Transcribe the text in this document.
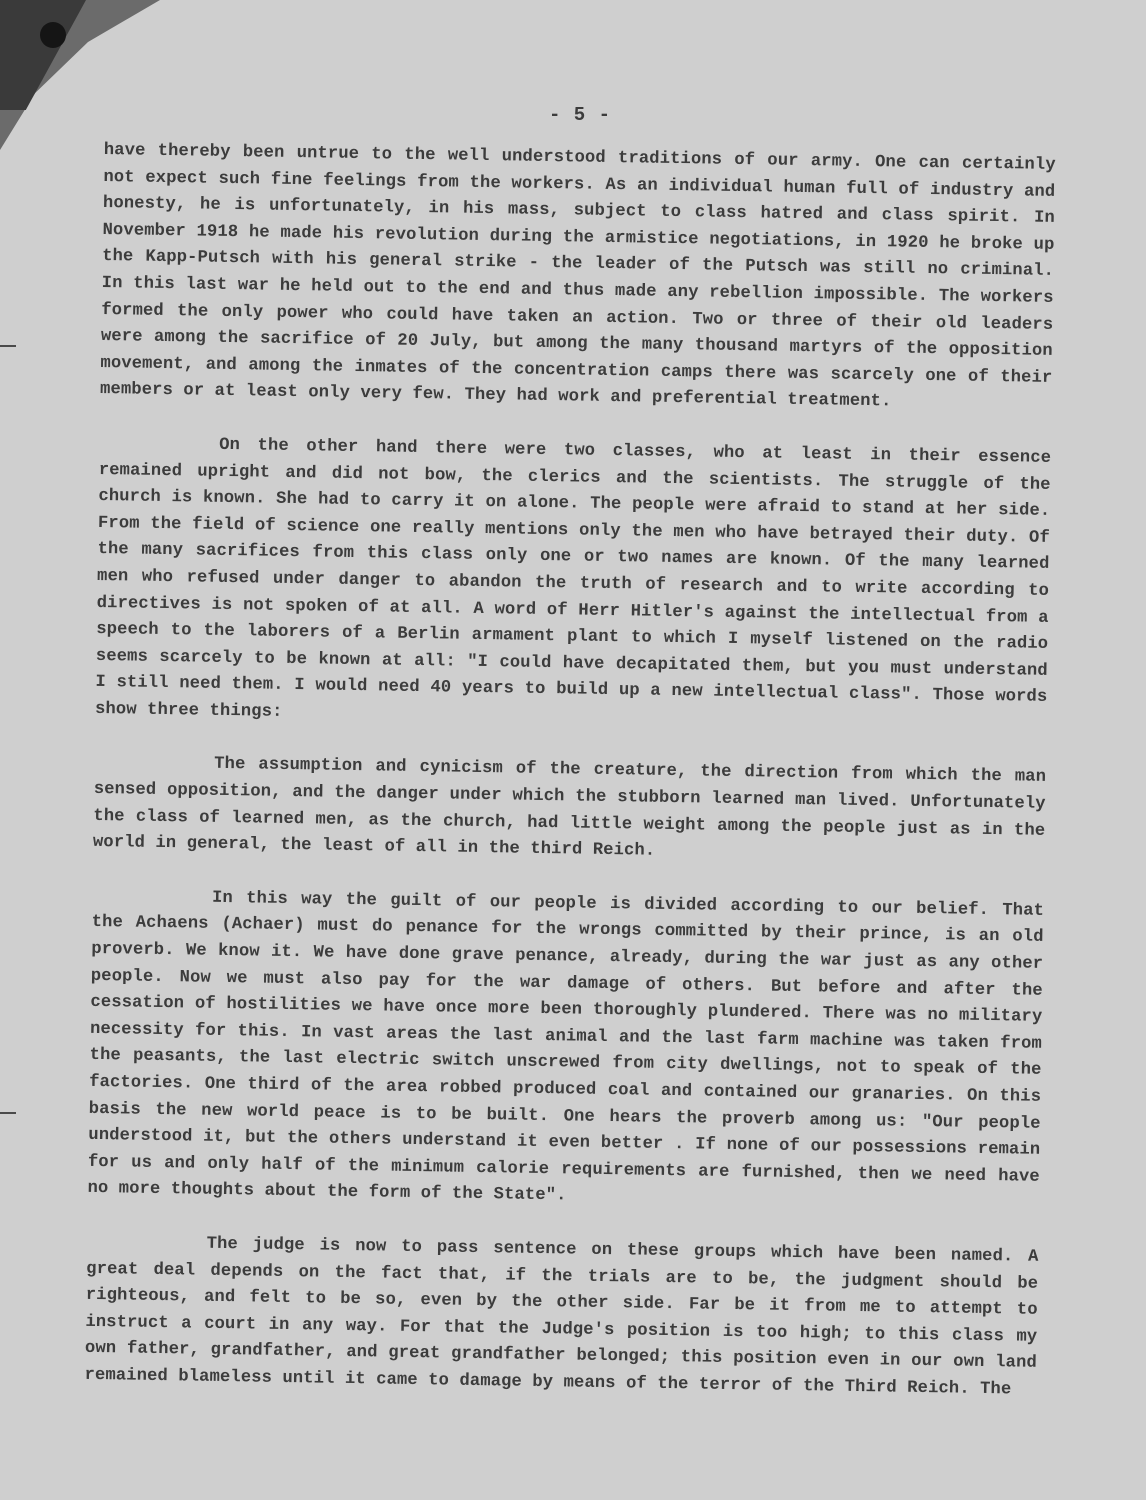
- 5 -

have thereby been untrue to the well understood traditions of our army. One can certainly not expect such fine feelings from the workers. As an individual human full of industry and honesty, he is unfortunately, in his mass, subject to class hatred and class spirit. In November 1918 he made his revolution during the armistice negotiations, in 1920 he broke up the Kapp-Putsch with his general strike - the leader of the Putsch was still no criminal. In this last war he held out to the end and thus made any rebellion impossible. The workers formed the only power who could have taken an action. Two or three of their old leaders were among the sacrifice of 20 July, but among the many thousand martyrs of the opposition movement, and among the inmates of the concentration camps there was scarcely one of their members or at least only very few. They had work and preferential treatment.

On the other hand there were two classes, who at least in their essence remained upright and did not bow, the clerics and the scientists. The struggle of the church is known. She had to carry it on alone. The people were afraid to stand at her side. From the field of science one really mentions only the men who have betrayed their duty. Of the many sacrifices from this class only one or two names are known. Of the many learned men who refused under danger to abandon the truth of research and to write according to directives is not spoken of at all. A word of Herr Hitler's against the intellectual from a speech to the laborers of a Berlin armament plant to which I myself listened on the radio seems scarcely to be known at all: "I could have decapitated them, but you must understand I still need them. I would need 40 years to build up a new intellectual class". Those words show three things:

The assumption and cynicism of the creature, the direction from which the man sensed opposition, and the danger under which the stubborn learned man lived. Unfortunately the class of learned men, as the church, had little weight among the people just as in the world in general, the least of all in the third Reich.

In this way the guilt of our people is divided according to our belief. That the Achaens (Achaer) must do penance for the wrongs committed by their prince, is an old proverb. We know it. We have done grave penance, already, during the war just as any other people. Now we must also pay for the war damage of others. But before and after the cessation of hostilities we have once more been thoroughly plundered. There was no military necessity for this. In vast areas the last animal and the last farm machine was taken from the peasants, the last electric switch unscrewed from city dwellings, not to speak of the factories. One third of the area robbed produced coal and contained our granaries. On this basis the new world peace is to be built. One hears the proverb among us: "Our people understood it, but the others understand it even better . If none of our possessions remain for us and only half of the minimum calorie requirements are furnished, then we need have no more thoughts about the form of the State".

The judge is now to pass sentence on these groups which have been named. A great deal depends on the fact that, if the trials are to be, the judgment should be righteous, and felt to be so, even by the other side. Far be it from me to attempt to instruct a court in any way. For that the Judge's position is too high; to this class my own father, grandfather, and great grandfather belonged; this position even in our own land remained blameless until it came to damage by means of the terror of the Third Reich. The
